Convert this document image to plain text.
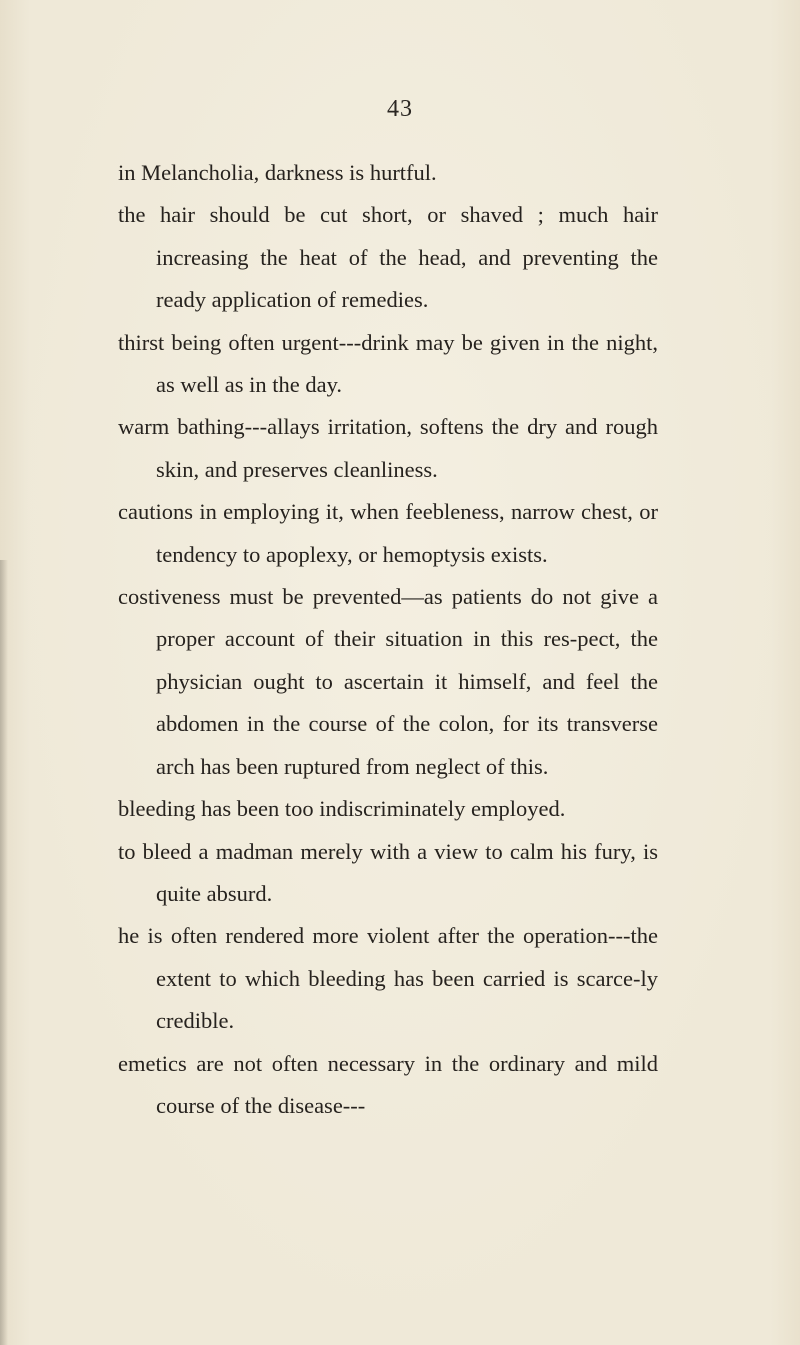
43

in Melancholia, darkness is hurtful.

the hair should be cut short, or shaved ; much hair increasing the heat of the head, and preventing the ready application of remedies.

thirst being often urgent---drink may be given in the night, as well as in the day.

warm bathing---allays irritation, softens the dry and rough skin, and preserves cleanliness.

cautions in employing it, when feebleness, narrow chest, or tendency to apoplexy, or hemoptysis exists.

costiveness must be prevented—as patients do not give a proper account of their situation in this res-pect, the physician ought to ascertain it himself, and feel the abdomen in the course of the colon, for its transverse arch has been ruptured from neglect of this.

bleeding has been too indiscriminately employed.

to bleed a madman merely with a view to calm his fury, is quite absurd.

he is often rendered more violent after the operation---the extent to which bleeding has been carried is scarce-ly credible.

emetics are not often necessary in the ordinary and mild course of the disease---
